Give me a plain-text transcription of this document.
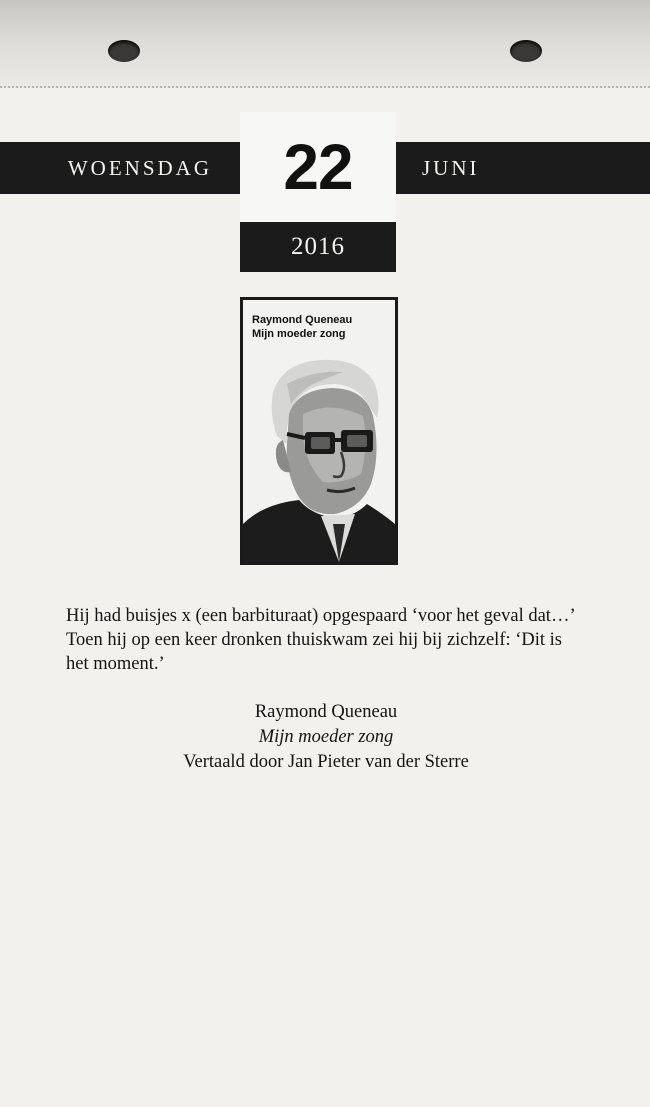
WOENSDAG	JUNI
22
2016
Raymond Queneau
Mijn moeder zong
Hij had buisjes x (een barbituraat) opgespaard ‘voor het geval dat…’ Toen hij op een keer dronken thuiskwam zei hij bij zichzelf: ‘Dit is het moment.’
Raymond Queneau
Mijn moeder zong
Vertaald door Jan Pieter van der Sterre
